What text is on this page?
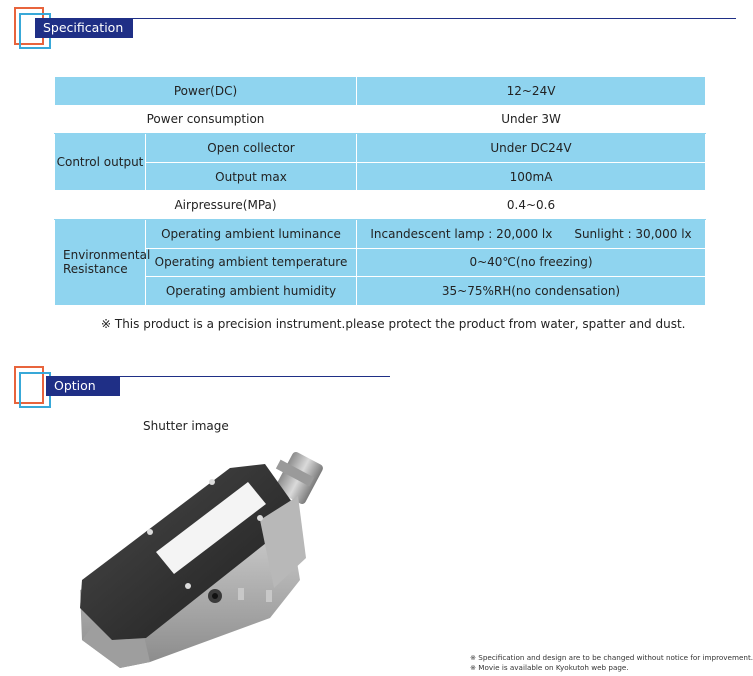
Specification
Power(DC)		12~24V
Power consumption		Under 3W
Control output	Open collector	Under DC24V
	Output max	100mA
Airpressure(MPa)		0.4~0.6
Environmental
Resistance	Operating ambient luminance	Incandescent lamp : 20,000 lx Sunlight : 30,000 lx
	Operating ambient temperature	0~40℃(no freezing)
	Operating ambient humidity	35~75%RH(no condensation)
※ This product is a precision instrument.please protect the product from water, spatter and dust.
Option
Shutter image
※ Specification and design are to be changed without notice for improvement.
※ Movie is available on Kyokutoh web page.
